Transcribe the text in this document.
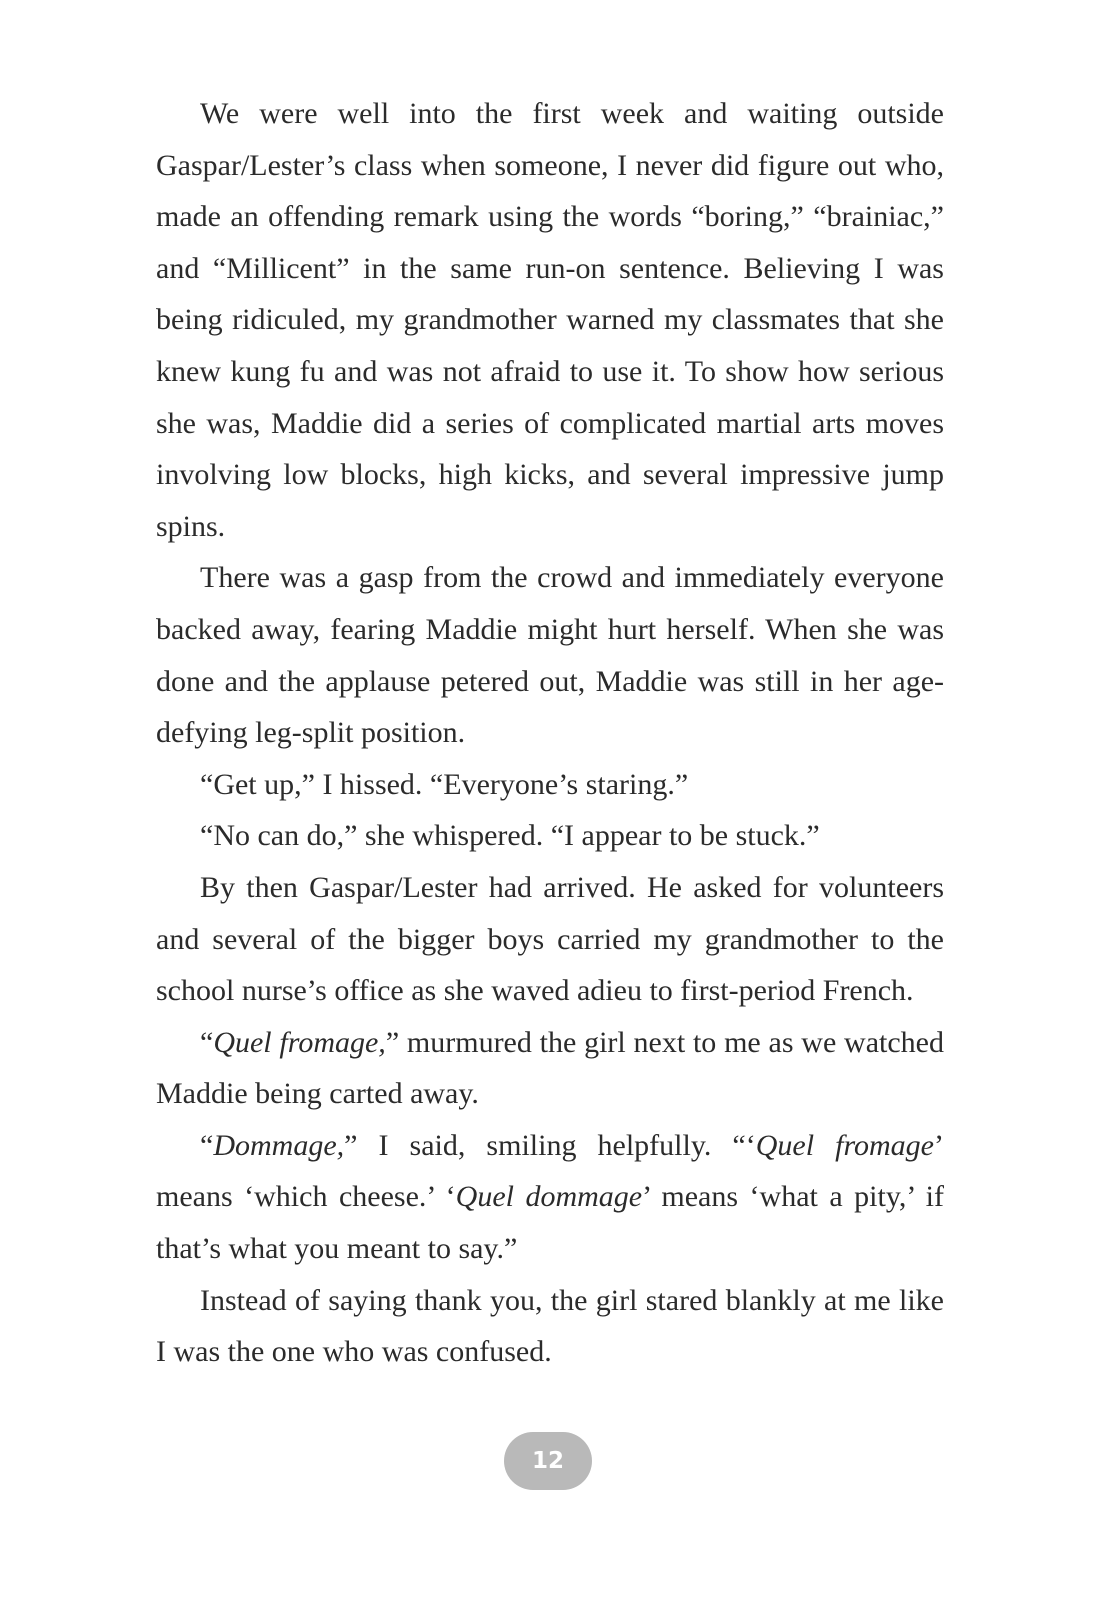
We were well into the first week and waiting outside Gaspar/Lester’s class when someone, I never did figure out who, made an offending remark using the words “boring,” “brainiac,” and “Millicent” in the same run-on sentence. Believing I was being ridiculed, my grandmother warned my classmates that she knew kung fu and was not afraid to use it. To show how serious she was, Maddie did a series of complicated martial arts moves involving low blocks, high kicks, and several impressive jump spins.

There was a gasp from the crowd and immediately everyone backed away, fearing Maddie might hurt herself. When she was done and the applause petered out, Maddie was still in her age-defying leg-split position.

“Get up,” I hissed. “Everyone’s staring.”

“No can do,” she whispered. “I appear to be stuck.”

By then Gaspar/Lester had arrived. He asked for volunteers and several of the bigger boys carried my grandmother to the school nurse’s office as she waved adieu to first-period French.

“Quel fromage,” murmured the girl next to me as we watched Maddie being carted away.

“Dommage,” I said, smiling helpfully. “‘Quel fromage’ means ‘which cheese.’ ‘Quel dommage’ means ‘what a pity,’ if that’s what you meant to say.”

Instead of saying thank you, the girl stared blankly at me like I was the one who was confused.

12
